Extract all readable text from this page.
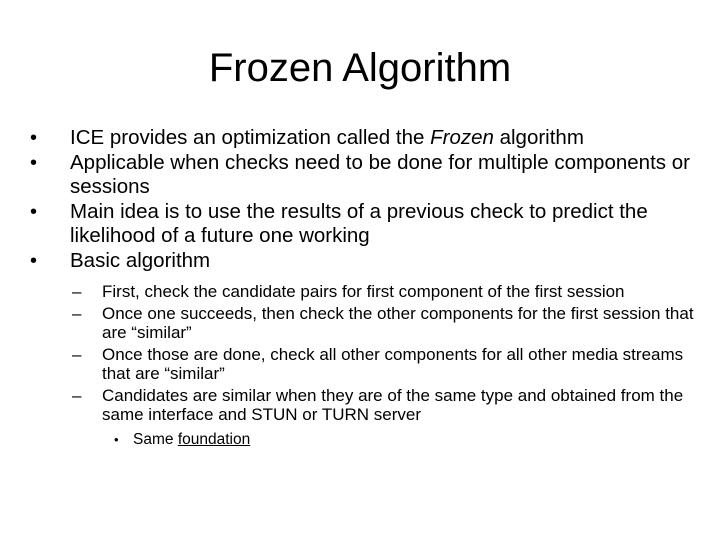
Frozen Algorithm
• ICE provides an optimization called the Frozen algorithm
• Applicable when checks need to be done for multiple components or sessions
• Main idea is to use the results of a previous check to predict the likelihood of a future one working
• Basic algorithm
– First, check the candidate pairs for first component of the first session
– Once one succeeds, then check the other components for the first session that are “similar”
– Once those are done, check all other components for all other media streams that are “similar”
– Candidates are similar when they are of the same type and obtained from the same interface and STUN or TURN server
• Same foundation
